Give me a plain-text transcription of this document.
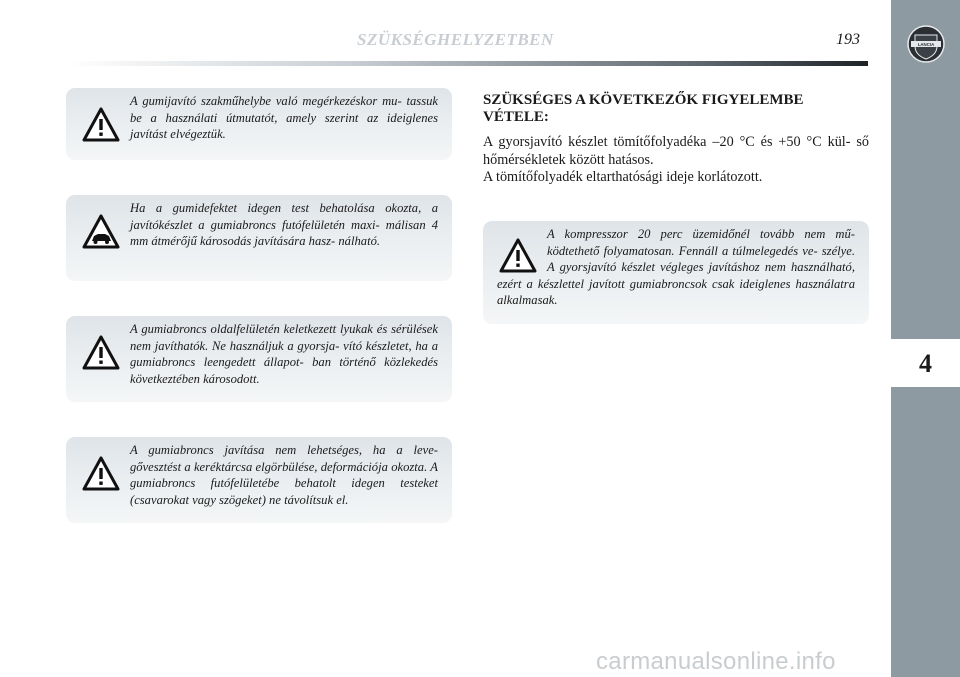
SZÜKSÉGHELYZETBEN	193	LANCIA
4
A gumijavító szakműhelybe való megérkezéskor mu- tassuk be a használati útmutatót, amely szerint az ideiglenes javítást elvégeztük.
Ha a gumidefektet idegen test behatolása okozta, a javítókészlet a gumiabroncs futófelületén maxi- málisan 4 mm átmérőjű károsodás javítására hasz- nálható.
A gumiabroncs oldalfelületén keletkezett lyukak és sérülések nem javíthatók. Ne használjuk a gyorsja- vító készletet, ha a gumiabroncs leengedett állapot- ban történő közlekedés következtében károsodott.
A gumiabroncs javítása nem lehetséges, ha a leve- gővesztést a keréktárcsa elgörbülése, deformációja okozta. A gumiabroncs futófelületébe behatolt idegen testeket (csavarokat vagy szögeket) ne távolítsuk el.
SZÜKSÉGES A KÖVETKEZŐK FIGYELEMBE VÉTELE:

A gyorsjavító készlet tömítőfolyadéka –20 °C és +50 °C kül- ső hőmérsékletek között hatásos.

A tömítőfolyadék eltarthatósági ideje korlátozott.

A kompresszor 20 perc üzemidőnél tovább nem mű- ködtethető folyamatosan. Fennáll a túlmelegedés ve- szélye. A gyorsjavító készlet végleges javításhoz nem használható, ezért a készlettel javított gumiabroncsok csak ideiglenes használatra alkalmasak.
carmanualsonline.info
